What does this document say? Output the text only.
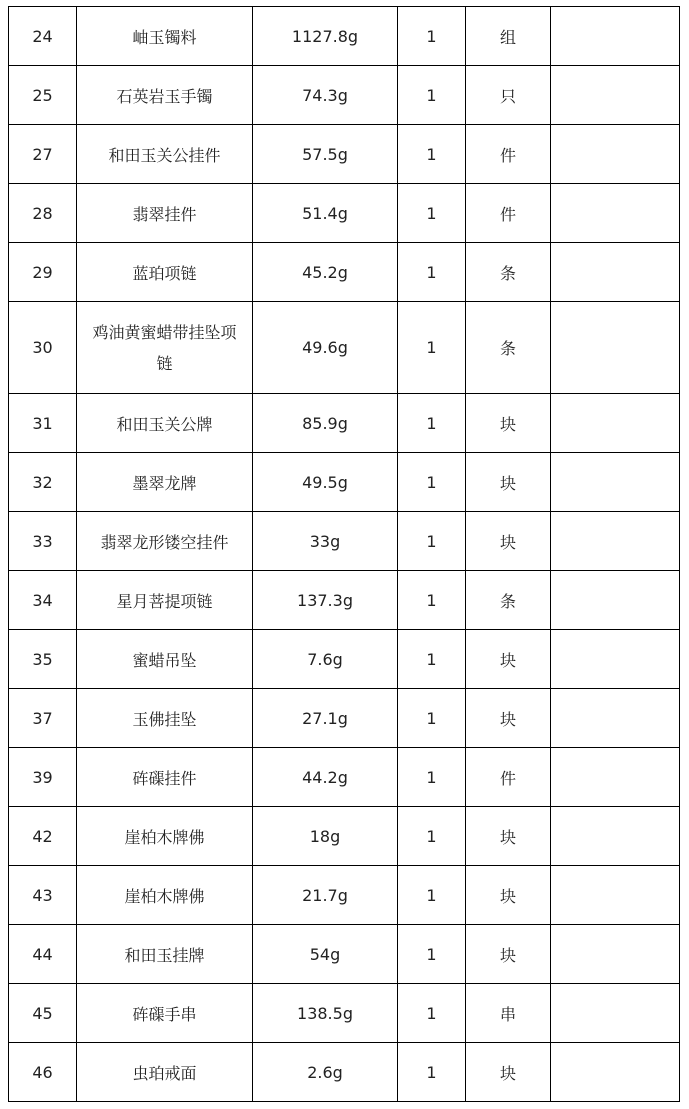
24	岫玉镯料	1127.8g	1	组	
25	石英岩玉手镯	74.3g	1	只	
27	和田玉关公挂件	57.5g	1	件	
28	翡翠挂件	51.4g	1	件	
29	蓝珀项链	45.2g	1	条	
30	鸡油黄蜜蜡带挂坠项链	49.6g	1	条	
31	和田玉关公牌	85.9g	1	块	
32	墨翠龙牌	49.5g	1	块	
33	翡翠龙形镂空挂件	33g	1	块	
34	星月菩提项链	137.3g	1	条	
35	蜜蜡吊坠	7.6g	1	块	
37	玉佛挂坠	27.1g	1	块	
39	砗磲挂件	44.2g	1	件	
42	崖柏木牌佛	18g	1	块	
43	崖柏木牌佛	21.7g	1	块	
44	和田玉挂牌	54g	1	块	
45	砗磲手串	138.5g	1	串	
46	虫珀戒面	2.6g	1	块	
